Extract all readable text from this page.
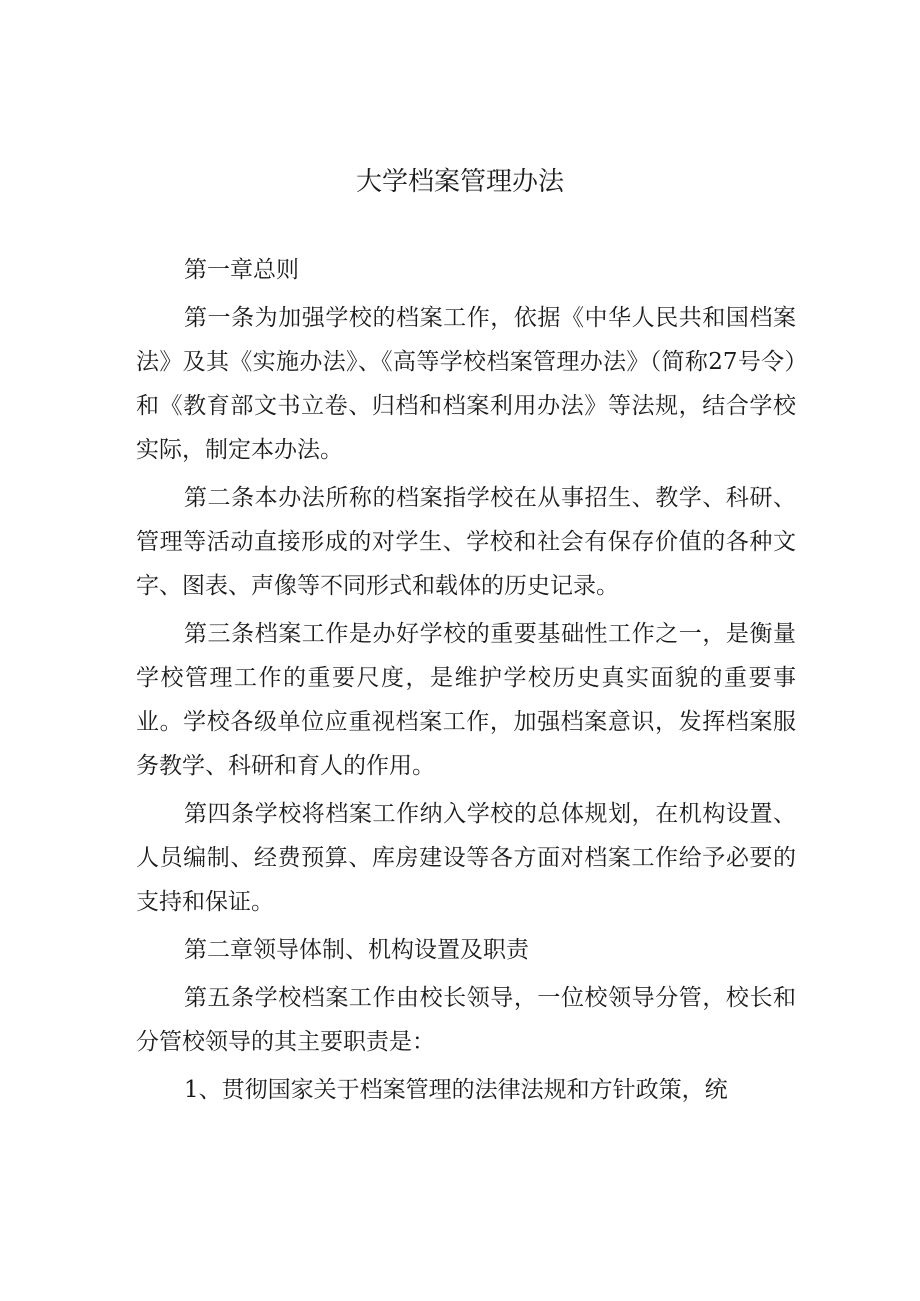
大学档案管理办法

第一章总则

第一条为加强学校的档案工作，依据《中华人民共和国档案法》及其《实施办法》、《高等学校档案管理办法》（简称27号令）和《教育部文书立卷、归档和档案利用办法》等法规，结合学校实际，制定本办法。

第二条本办法所称的档案指学校在从事招生、教学、科研、管理等活动直接形成的对学生、学校和社会有保存价值的各种文字、图表、声像等不同形式和载体的历史记录。

第三条档案工作是办好学校的重要基础性工作之一，是衡量学校管理工作的重要尺度，是维护学校历史真实面貌的重要事业。学校各级单位应重视档案工作，加强档案意识，发挥档案服务教学、科研和育人的作用。

第四条学校将档案工作纳入学校的总体规划，在机构设置、人员编制、经费预算、库房建设等各方面对档案工作给予必要的支持和保证。

第二章领导体制、机构设置及职责

第五条学校档案工作由校长领导，一位校领导分管，校长和分管校领导的其主要职责是：

1、贯彻国家关于档案管理的法律法规和方针政策，统
